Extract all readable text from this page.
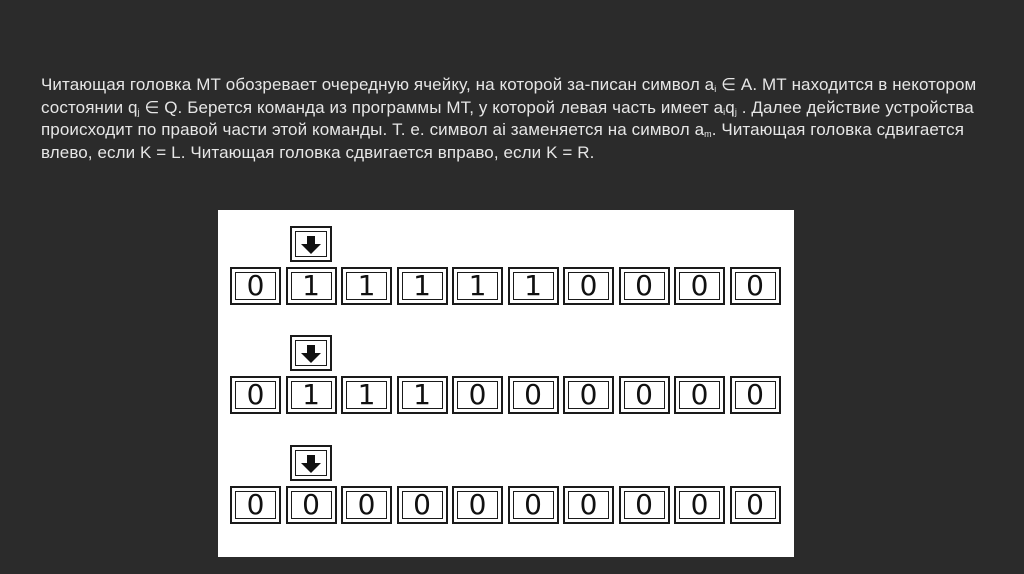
Читающая головка МТ обозревает очередную ячейку, на которой за-писан символ $а_i$ ∈ А. МТ находится в некотором состоянии $q_j$ ∈ Q. Берется команда из программы МТ, у которой левая часть имеет $а_iq_j$ . Далее действие устройства происходит по правой части этой команды. Т. е. символ аi заменяется на символ $а_m$. Читающая головка сдвигается влево, если K = L. Читающая головка сдвигается вправо, если K = R.
0 1 1 1 1 1 0 0 0 0
0 1 1 1 0 0 0 0 0 0
0 0 0 0 0 0 0 0 0 0
